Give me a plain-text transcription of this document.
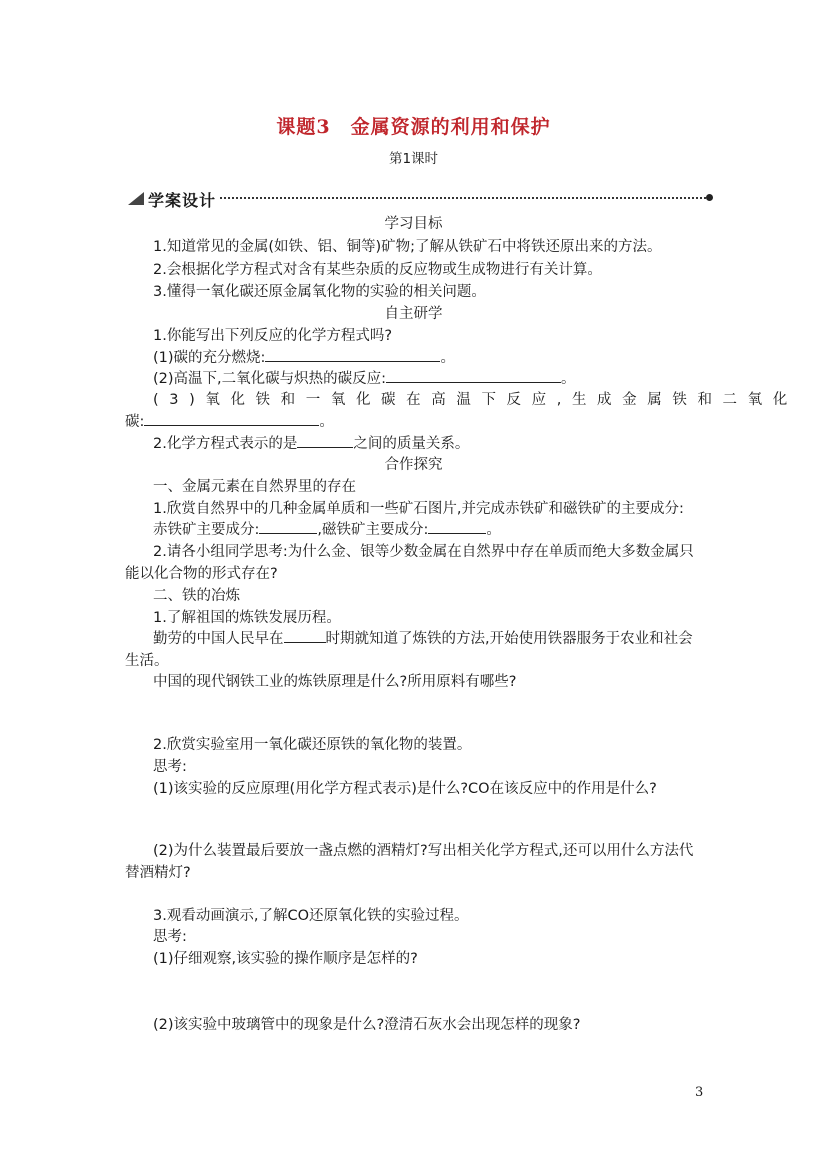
课题3　金属资源的利用和保护
第1课时
学案设计
学习目标
1.知道常见的金属(如铁、铝、铜等)矿物;了解从铁矿石中将铁还原出来的方法。
2.会根据化学方程式对含有某些杂质的反应物或生成物进行有关计算。
3.懂得一氧化碳还原金属氧化物的实验的相关问题。
自主研学
1.你能写出下列反应的化学方程式吗?
(1)碳的充分燃烧:	。
(2)高温下,二氧化碳与炽热的碳反应:	。
(3)氧化铁和一氧化碳在高温下反应,生成金属铁和二氧化
碳:	。
2.化学方程式表示的是	之间的质量关系。
合作探究
一、金属元素在自然界里的存在
1.欣赏自然界中的几种金属单质和一些矿石图片,并完成赤铁矿和磁铁矿的主要成分:
赤铁矿主要成分:	,磁铁矿主要成分:	。
2.请各小组同学思考:为什么金、银等少数金属在自然界中存在单质而绝大多数金属只
能以化合物的形式存在?
二、铁的冶炼
1.了解祖国的炼铁发展历程。
勤劳的中国人民早在	时期就知道了炼铁的方法,开始使用铁器服务于农业和社会
生活。
中国的现代钢铁工业的炼铁原理是什么?所用原料有哪些?
2.欣赏实验室用一氧化碳还原铁的氧化物的装置。
思考:
(1)该实验的反应原理(用化学方程式表示)是什么?CO在该反应中的作用是什么?
(2)为什么装置最后要放一盏点燃的酒精灯?写出相关化学方程式,还可以用什么方法代
替酒精灯?
3.观看动画演示,了解CO还原氧化铁的实验过程。
思考:
(1)仔细观察,该实验的操作顺序是怎样的?
(2)该实验中玻璃管中的现象是什么?澄清石灰水会出现怎样的现象?
3
